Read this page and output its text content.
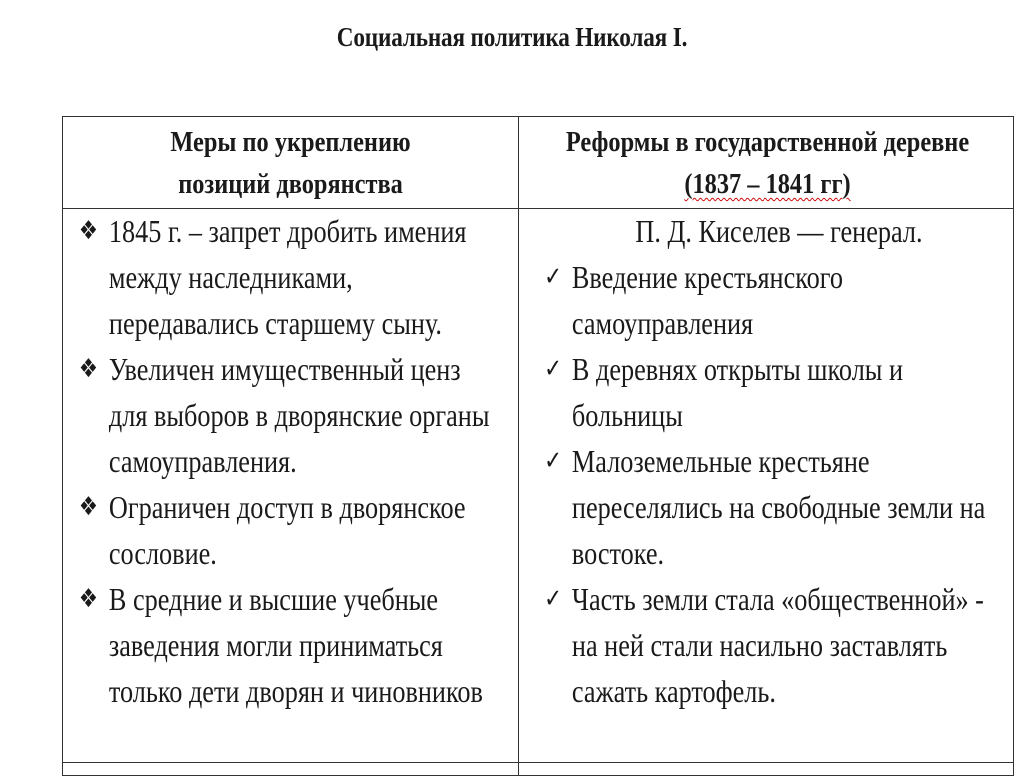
Социальная политика Николая I.
Меры по укреплению позиций дворянства
Реформы в государственной деревне
(1837 – 1841 гг)
❖ 1845 г. – запрет дробить имения между наследниками, передавались старшему сыну.
❖ Увеличен имущественный ценз для выборов в дворянские органы самоуправления.
❖ Ограничен доступ в дворянское сословие.
❖ В средние и высшие учебные заведения могли приниматься только дети дворян и чиновников
П. Д. Киселев — генерал.
✓ Введение крестьянского самоуправления
✓ В деревнях открыты школы и больницы
✓ Малоземельные крестьяне переселялись на свободные земли на востоке.
✓ Часть земли стала «общественной» - на ней стали насильно заставлять сажать картофель.
